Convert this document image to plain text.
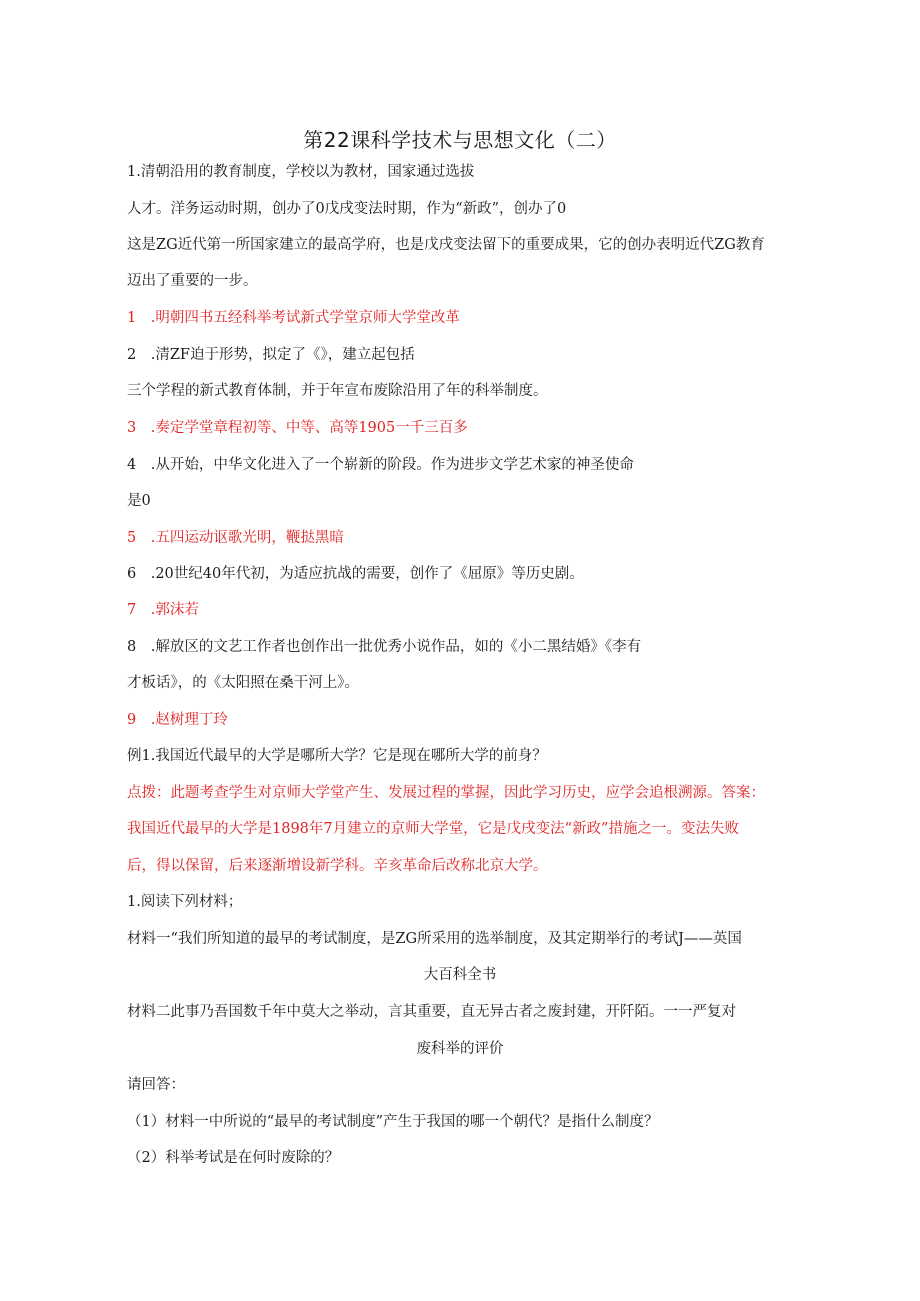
第22课科学技术与思想文化（二）
1.清朝沿用的教育制度，学校以为教材，国家通过选拔
人才。洋务运动时期，创办了0戊戌变法时期，作为“新政”，创办了0
这是ZG近代第一所国家建立的最高学府，也是戊戌变法留下的重要成果，它的创办表明近代ZG教育
迈出了重要的一步。
1　.明朝四书五经科举考试新式学堂京师大学堂改革
2　.清ZF迫于形势，拟定了《》，建立起包括
三个学程的新式教育体制，并于年宣布废除沿用了年的科举制度。
3　.奏定学堂章程初等、中等、高等1905一千三百多
4　.从开始，中华文化进入了一个崭新的阶段。作为进步文学艺术家的神圣使命
是0
5　.五四运动讴歌光明，鞭挞黑暗
6　.20世纪40年代初，为适应抗战的需要，创作了《屈原》等历史剧。
7　.郭沫若
8　.解放区的文艺工作者也创作出一批优秀小说作品，如的《小二黑结婚》《李有
才板话》，的《太阳照在桑干河上》。
9　.赵树理丁玲
例1.我国近代最早的大学是哪所大学？它是现在哪所大学的前身？
点拨：此题考查学生对京师大学堂产生、发展过程的掌握，因此学习历史，应学会追根溯源。答案：
我国近代最早的大学是1898年7月建立的京师大学堂，它是戊戌变法“新政”措施之一。变法失败
后，得以保留，后来逐渐增设新学科。辛亥革命后改称北京大学。
1.阅读下列材料；
材料一“我们所知道的最早的考试制度，是ZG所采用的选举制度，及其定期举行的考试J——英国
大百科全书
材料二此事乃吾国数千年中莫大之举动，言其重要，直无异古者之废封建，开阡陌。一一严复对
废科举的评价
请回答：
（1）材料一中所说的“最早的考试制度”产生于我国的哪一个朝代？是指什么制度？
（2）科举考试是在何时废除的？
